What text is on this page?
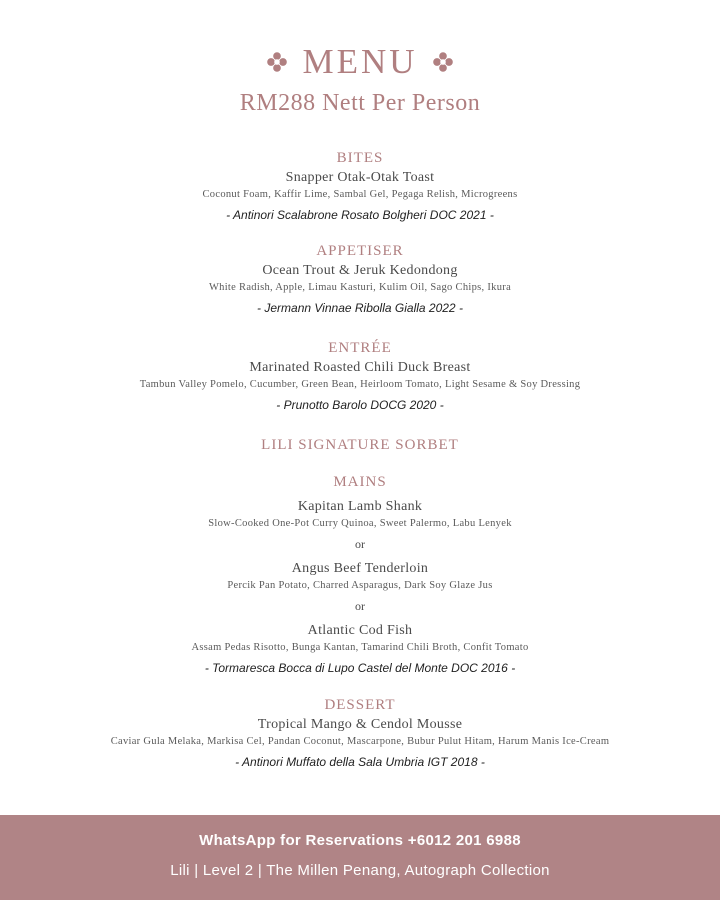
MENU
RM288 Nett Per Person
BITES
Snapper Otak-Otak Toast
Coconut Foam, Kaffir Lime, Sambal Gel, Pegaga Relish, Microgreens
- Antinori Scalabrone Rosato Bolgheri DOC 2021 -
APPETISER
Ocean Trout & Jeruk Kedondong
White Radish, Apple, Limau Kasturi, Kulim Oil, Sago Chips, Ikura
- Jermann Vinnae Ribolla Gialla 2022 -
ENTRÉE
Marinated Roasted Chili Duck Breast
Tambun Valley Pomelo, Cucumber, Green Bean, Heirloom Tomato, Light Sesame & Soy Dressing
- Prunotto Barolo DOCG 2020 -
LILI SIGNATURE SORBET
MAINS
Kapitan Lamb Shank
Slow-Cooked One-Pot Curry Quinoa, Sweet Palermo, Labu Lenyek
or
Angus Beef Tenderloin
Percik Pan Potato, Charred Asparagus, Dark Soy Glaze Jus
or
Atlantic Cod Fish
Assam Pedas Risotto, Bunga Kantan, Tamarind Chili Broth, Confit Tomato
- Tormaresca Bocca di Lupo Castel del Monte DOC 2016 -
DESSERT
Tropical Mango & Cendol Mousse
Caviar Gula Melaka, Markisa Cel, Pandan Coconut, Mascarpone, Bubur Pulut Hitam, Harum Manis Ice-Cream
- Antinori Muffato della Sala Umbria IGT 2018 -
WhatsApp for Reservations +6012 201 6988
Lili | Level 2 | The Millen Penang, Autograph Collection
